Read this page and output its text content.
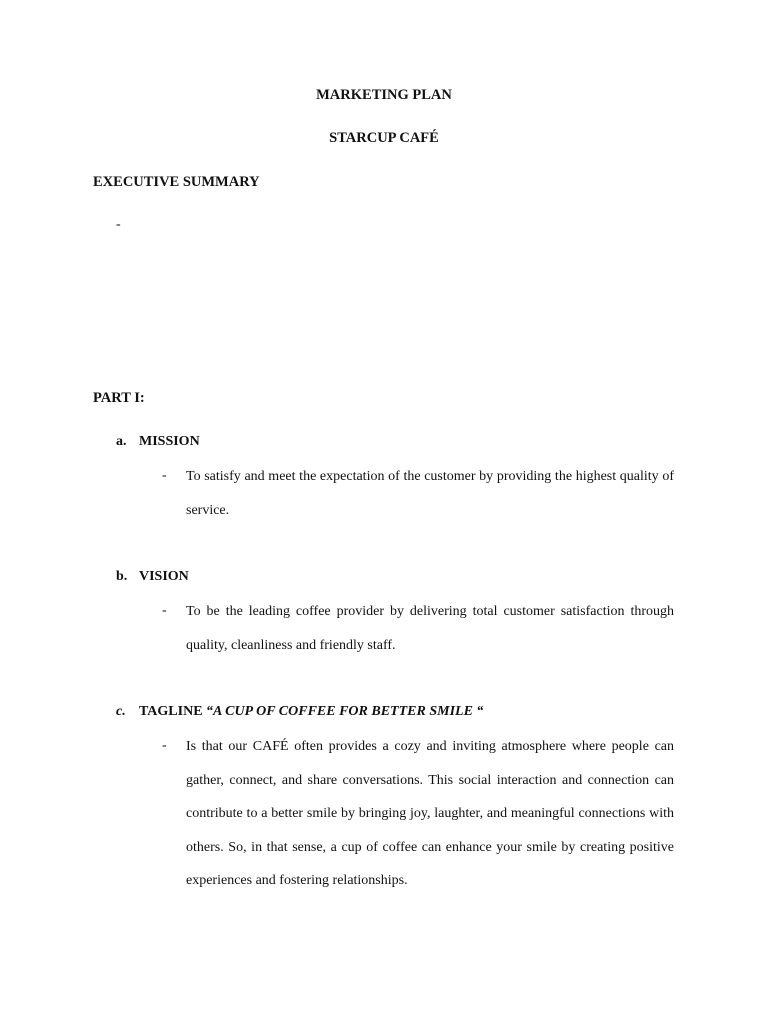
MARKETING PLAN
STARCUP CAFÉ
EXECUTIVE SUMMARY
-
PART I:
a. MISSION
- To satisfy and meet the expectation of the customer by providing the highest quality of service.
b. VISION
- To be the leading coffee provider by delivering total customer satisfaction through quality, cleanliness and friendly staff.
c. TAGLINE “A CUP OF COFFEE FOR BETTER SMILE “
- Is that our CAFÉ often provides a cozy and inviting atmosphere where people can gather, connect, and share conversations. This social interaction and connection can contribute to a better smile by bringing joy, laughter, and meaningful connections with others. So, in that sense, a cup of coffee can enhance your smile by creating positive experiences and fostering relationships.
